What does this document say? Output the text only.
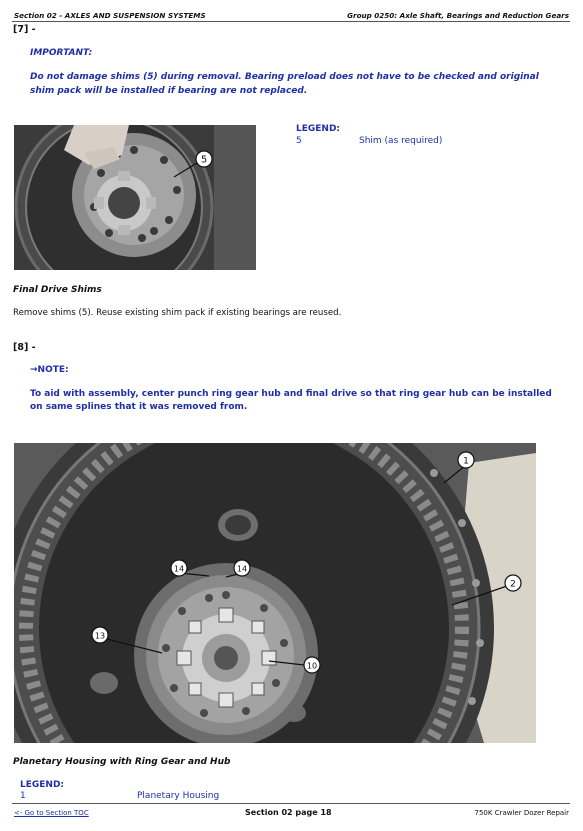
Section 02 - AXLES AND SUSPENSION SYSTEMS	Group 0250: Axle Shaft, Bearings and Reduction Gears
[7] -
IMPORTANT:
Do not damage shims (5) during removal. Bearing preload does not have to be checked and original shim pack will be installed if bearing are not replaced.
5
LEGEND:
5	Shim (as required)
Final Drive Shims
Remove shims (5). Reuse existing shim pack if existing bearings are reused.
[8] -
→NOTE:
To aid with assembly, center punch ring gear hub and final drive so that ring gear hub can be installed on same splines that it was removed from.
1
2
14	14
13
10
Planetary Housing with Ring Gear and Hub
LEGEND:
1	Planetary Housing
<- Go to Section TOC	Section 02 page 18	750K Crawler Dozer Repair
